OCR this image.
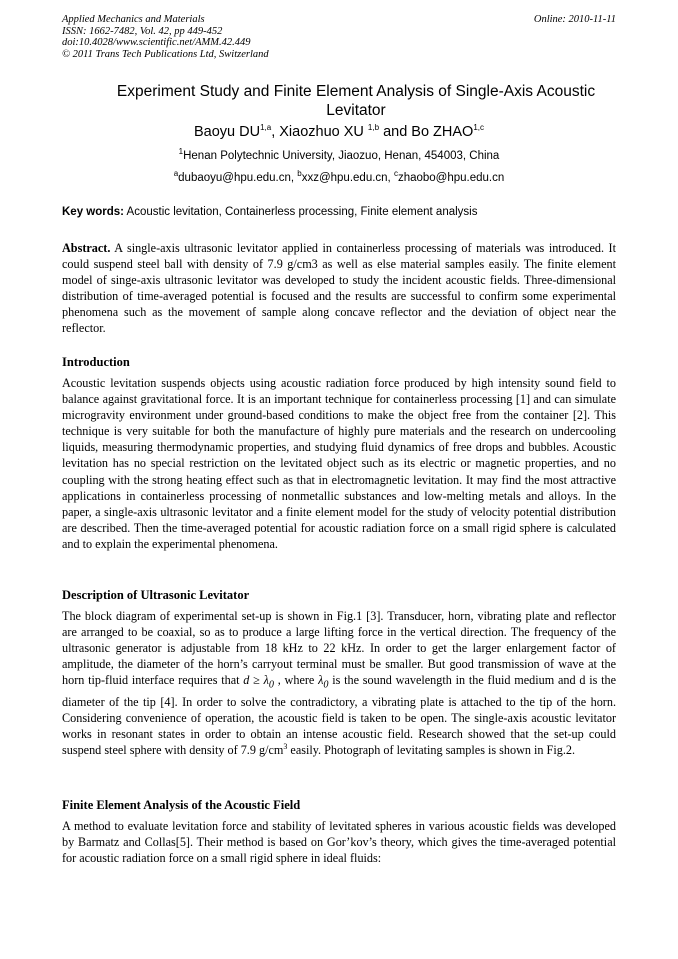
Applied Mechanics and Materials
ISSN: 1662-7482, Vol. 42, pp 449-452
doi:10.4028/www.scientific.net/AMM.42.449
© 2011 Trans Tech Publications Ltd, Switzerland
Online: 2010-11-11
Experiment Study and Finite Element Analysis of Single-Axis Acoustic Levitator
Baoyu DU$^{1,a}$, Xiaozhuo XU $^{1,b}$ and Bo ZHAO$^{1,c}$
$^1$Henan Polytechnic University, Jiaozuo, Henan, 454003, China
$^a$dubaoyu@hpu.edu.cn, $^b$xxz@hpu.edu.cn, $^c$zhaobo@hpu.edu.cn
Key words: Acoustic levitation, Containerless processing, Finite element analysis
Abstract. A single-axis ultrasonic levitator applied in containerless processing of materials was introduced. It could suspend steel ball with density of 7.9 g/cm3 as well as else material samples easily. The finite element model of singe-axis ultrasonic levitator was developed to study the incident acoustic fields. Three-dimensional distribution of time-averaged potential is focused and the results are successful to confirm some experimental phenomena such as the movement of sample along concave reflector and the deviation of object near the reflector.
Introduction

Acoustic levitation suspends objects using acoustic radiation force produced by high intensity sound field to balance against gravitational force. It is an important technique for containerless processing [1] and can simulate microgravity environment under ground-based conditions to make the object free from the container [2]. This technique is very suitable for both the manufacture of highly pure materials and the research on undercooling liquids, measuring thermodynamic properties, and studying fluid dynamics of free drops and bubbles. Acoustic levitation has no special restriction on the levitated object such as its electric or magnetic properties, and no coupling with the strong heating effect such as that in electromagnetic levitation. It may find the most attractive applications in containerless processing of nonmetallic substances and low-melting metals and alloys. In the paper, a single-axis ultrasonic levitator and a finite element model for the study of velocity potential distribution are described. Then the time-averaged potential for acoustic radiation force on a small rigid sphere is calculated and to explain the experimental phenomena.

Description of Ultrasonic Levitator

The block diagram of experimental set-up is shown in Fig.1 [3]. Transducer, horn, vibrating plate and reflector are arranged to be coaxial, so as to produce a large lifting force in the vertical direction. The frequency of the ultrasonic generator is adjustable from 18 kHz to 22 kHz. In order to get the larger enlargement factor of amplitude, the diameter of the horn’s carryout terminal must be smaller. But good transmission of wave at the horn tip-fluid interface requires that $d \ge \lambda_0$ , where $\lambda_0$ is the sound wavelength in the fluid medium and d is the diameter of the tip [4]. In order to solve the contradictory, a vibrating plate is attached to the tip of the horn. Considering convenience of operation, the acoustic field is taken to be open. The single-axis acoustic levitator works in resonant states in order to obtain an intense acoustic field. Research showed that the set-up could suspend steel sphere with density of 7.9 $g/cm^3$ easily. Photograph of levitating samples is shown in Fig.2.

Finite Element Analysis of the Acoustic Field

A method to evaluate levitation force and stability of levitated spheres in various acoustic fields was developed by Barmatz and Collas[5]. Their method is based on Gor’kov’s theory, which gives the time-averaged potential for acoustic radiation force on a small rigid sphere in ideal fluids:
